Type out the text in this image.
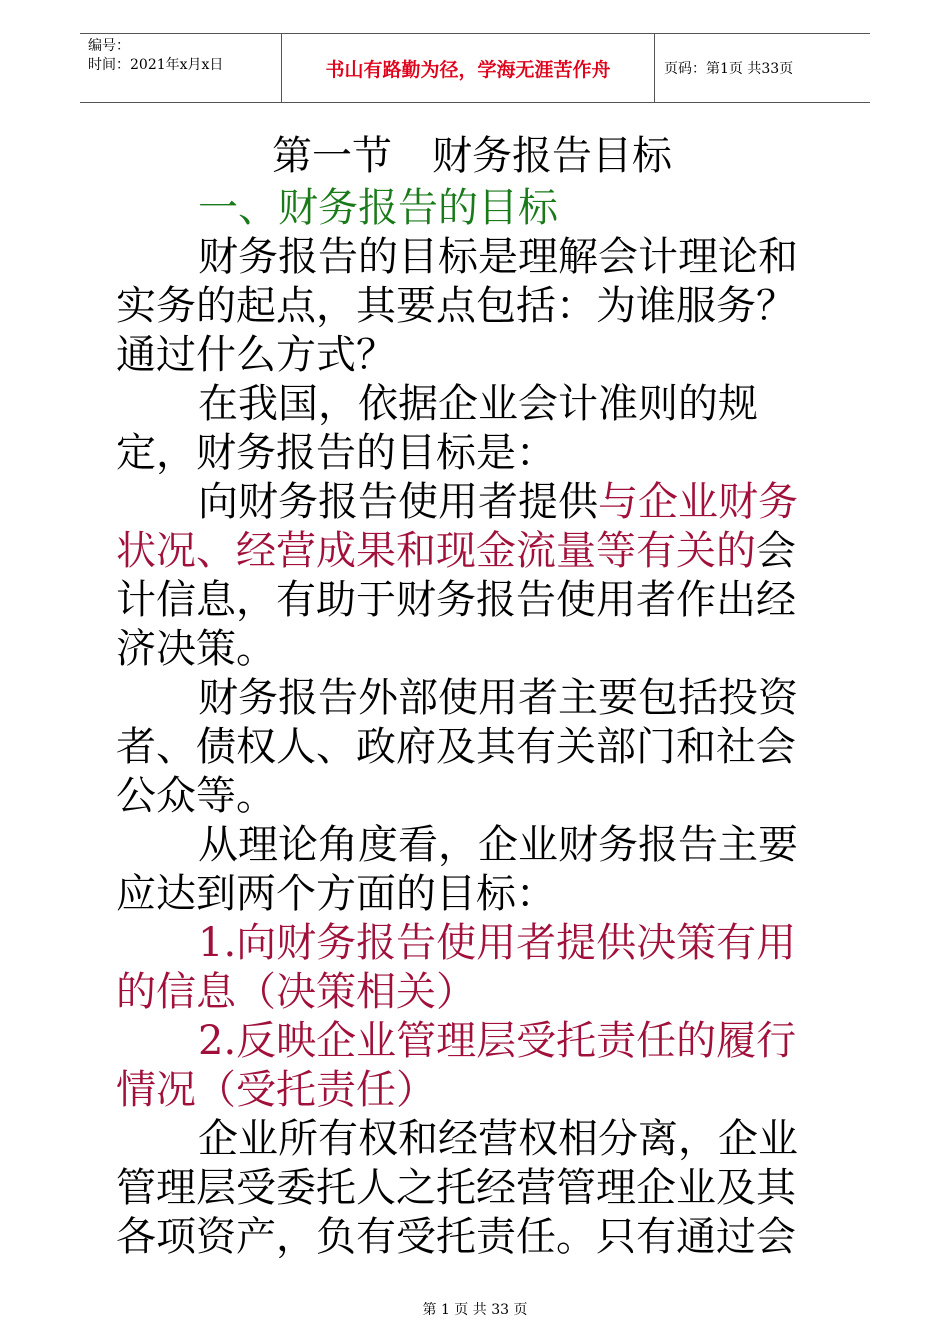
编号：
时间：2021年x月x日	书山有路勤为径，学海无涯苦作舟	页码：第1页 共33页
第一节　财务报告目标
一、财务报告的目标

财务报告的目标是理解会计理论和实务的起点，其要点包括：为谁服务？通过什么方式？

在我国，依据企业会计准则的规定，财务报告的目标是：

向财务报告使用者提供与企业财务状况、经营成果和现金流量等有关的会计信息，有助于财务报告使用者作出经济决策。

财务报告外部使用者主要包括投资者、债权人、政府及其有关部门和社会公众等。

从理论角度看，企业财务报告主要应达到两个方面的目标：

1.向财务报告使用者提供决策有用的信息（决策相关）

2.反映企业管理层受托责任的履行情况（受托责任）

企业所有权和经营权相分离，企业管理层受委托人之托经营管理企业及其各项资产，负有受托责任。只有通过会

第 1 页 共 33 页
